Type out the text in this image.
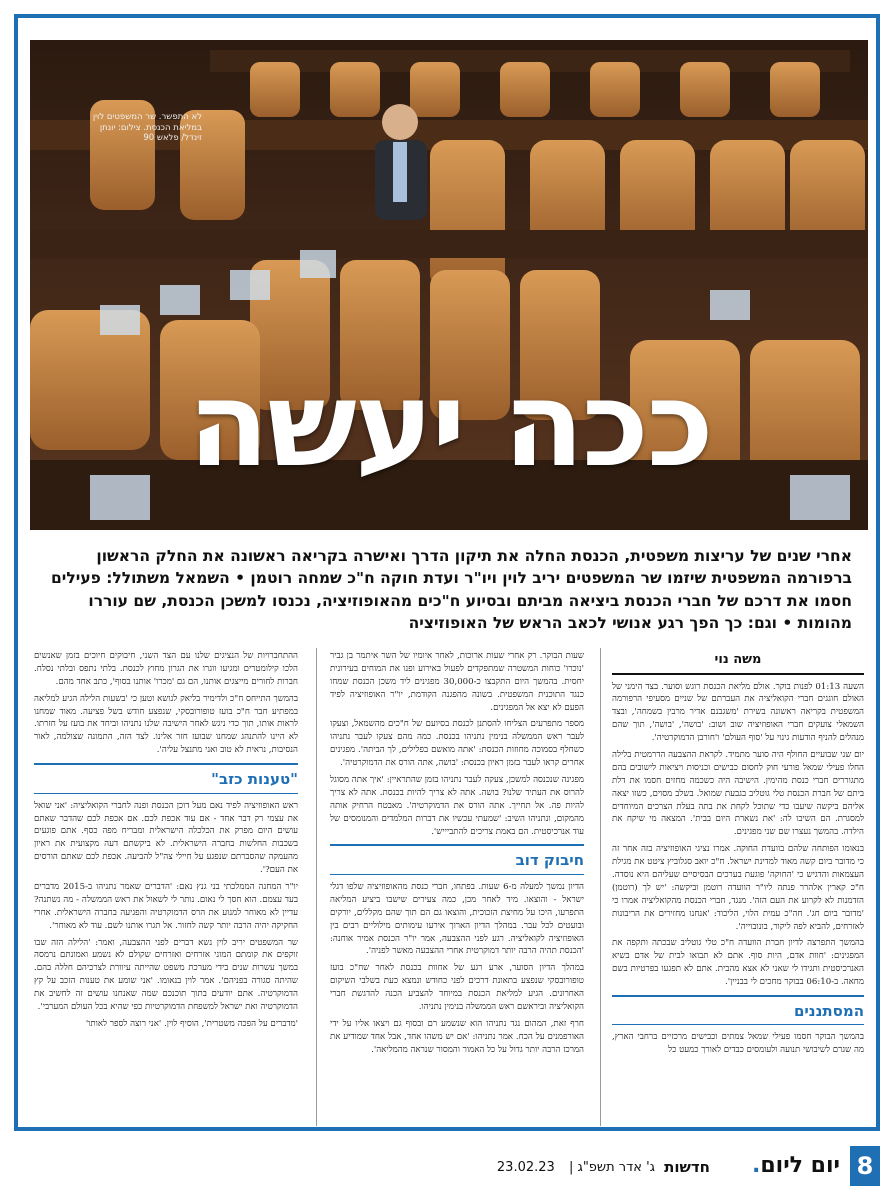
לא התפשר. שר המשפטים לוין במליאת הכנסת. צילום: יונתן זינדל/ פלאש 90
ככה יעשה
אחרי שנים של עריצות משפטית, הכנסת החלה את תיקון הדרך ואישרה בקריאה ראשונה את החלק הראשון ברפורמה המשפטית שיזמו שר המשפטים יריב לוין ויו"ר ועדת חוקה ח"כ שמחה רוטמן • השמאל משתולל: פעילים חסמו את דרכם של חברי הכנסת ביציאה מביתם ובסיוע ח"כים מהאופוזיציה, נכנסו למשכן הכנסת, שם עוררו מהומות • וגם: כך הפך רגע אנושי לכאב הראש של האופוזיציה
משה נוי

השעה 01:13 לפנות בוקר. אולם מליאת הכנסת רוגש וסוער. בצד הימני של האולם חוגגים חברי הקואליציה את העברתם של שניים מסעיפי הרפורמה המשפטית בקריאה ראשונה בשירת 'משגבנם אדיר מרבין בשמחה', ובצד השמאלי צועקים חברי האופוזיציה שוב ושוב: 'בושה', 'בושה', תוך שהם מנהלים להניף הודעות גינוי על 'סוף העולם' ו'חורבן הדמוקרטיה'.

יום שני שבועיים החולף היה סוער מתמיד. לקראת ההצבעה הדרמטית בלילה החלו פעילי שמאל פורעי חוק לחסום כבישים וכניסות ויציאות לישובים בהם מתגוררים חברי כנסת מהימין. הישיבה היה כשכמה מחזים חסמו את דלת ביתם של חברת הכנסת טלי גוטליב בגבעת שמואל. בשלב מסוים, כשזו יצאה אליהם ביקשה שיעבו כדי שתוכל לקחת את בתה בעלת הצרכים המיוחדים למסגרת. הם השיבו לה: 'את נשארת היום בבית'. המצאה מי שיקח את הילדה. בהמשך נעצרו שם שני מפגינים.

בנאומו הפותחה שלהם בוועדת החוקה. אמרו נציגי האופוזיציה בזה אחר זה כי מדובר ביום קשה מאוד למדינת ישראל. ח"כ יואב סגלוביץ ציטט את מגילת העצמאות והדגיש כי 'החוקה' פוגעת בערכים הבסיסיים שעליהם היא נוסדה. ח"כ קארין אלהרר פנתה ליו"ר הוועדה רוטמן וביקשה: 'יש לך (רוטמן) הזדמנות לא לקרוע את העם הזה'. מנגד, חברי הכנסת מהקואליציה אמרו כי 'מדובר ביום חג'. חה"כ עמית הלוי, הליכוד: 'אנחנו מחזירים את הריבונות לאזרחים, להביא לפה ליקור, בונובוייה'.

בהמשך התפרצה לדיון חברת הוועדה ח"כ טלי גוטליב שבכתה ותקפה את המפגינים: 'חוות אדם, היות סוף. אתם לא תבואו לבית של אדם בשיא האנרכיסטית ותגידו לי שאני לא אצא מהבית. אתם לא תפגעו בפרטיות בשם מחאה. ב-06:10 בבוקר מחכים לי בבניין'.

המסתננים

בהמשך הבוקר חסמו פעילי שמאל צמתים וכבישים מרכזיים ברחבי הארץ, מה שגרם לשיבושי תנועה ולעומסים כבדים לאורך כמעט כל

שעות הבוקר. רק אחרי שעות ארוכות, לאחר איומיו של השר איתמר בן גביר 'נוכרו' כוחות המשטרה שמתפקדים לפעול באירוע ופנו את המוחים בעירונית יחסית. בהמשך היום התקבצו כ-30,000 מפגינים ליד משכן הכנסת שמחו כנגד התוכנית המשפטית. בשונה מהפגנה הקודמת, יו"ר האופוזיציה לפיד הפעם לא יצא אל המפגינים.

מספר מתפרעים הצליחו להסתנן לכנסת בסיועם של ח"כים מהשמאל, וצעקו לעבר ראש הממשלה בנימין נתניהו בכנסת. כמה מהם צעקו לעבר נתניהו כשחלף בסמוכה מחוזות הכנסת: 'אתה מואשם בפלילים, לך הביתה'. מפגינים אחרים קראו לעבר בזמן ראיון בכנסת: 'בושה, אתה הורס את הדמוקרטיה'.

מפגינה שנכנסה למשכן, צעקה לעבר נתניהו בזמן שהתראיין: 'איך אתה מסוגל להרוס את העתיד שלנו? בושה. אתה לא צריך להיות בכנסת. אתה לא צריך להיות פה. אל תחייך. אתה הורס את הדמוקרטיה'. מאבטח הרחיק אותה מהמקום, ונתניהו השיב: 'שמעתי עכשיו את דברות המלמדים והמנומסים של עוד אנרכיסטית. הם באמת צריכים להתביייש'.

חיבוק דוב

הדיון נמשך למעלה מ-6 שעות. בפתחו, חברי כנסת מהאופוזיציה שלפו דגלי ישראל - והוצאו. מיד לאחר מכן, כמה צעירים שישבו ביציע המליאה התפרעו, היכו על מחיצת הזכוכית, והוצאו גם הם תוך שהם מקללים, יורקים ובועטים לכל עבר. במהלך הדיון הארוך אירעו עימותים מילוליים רבים בין האופוזיציה לקואליציה. רגע לפני ההצבעה, אמר יו"ר הכנסת אמיר אוחנה: 'הכנסת תהיה הרבה יותר דמוקרטית אחרי ההצבעה מאשר לפניה'.

במהלך הדיון הסוער, ארע רגע של אחוות בכנסת לאחר שח"כ בועז טופורובסקי שנפצע בתאונת דרכים לפני כחודש ונמצא כעת בשלבי השיקום האחרונים. הגיע למליאת הכנסת במיוחד להצביע הכנה להדגשת חברי הקואליציה וביראשם ראש הממשלה בנימין נתניהו.

חרף זאת, המהום נגד נתניהו הוא שנשמע רם ובסוף גם ויצאו אליו על ידי האורפמנים על הכח. אמר נתניהו: 'אם יש משהו אחד, אבל אחד שמודיע את המרכז הרבה יותר גדול על כל האמור והמסור שנראה מהמליאה'.

ההתחברויות של הנציגים שלנו עם הצד השני, חיבוקים חיוכים בזמן שאנשים הלכו קילומטרים ומגיעו ווגרו את הגרון מחוץ לכנסת. בלתי נתפס ובלתי נסלח. חברות לחורים מייצגים אותנו, הם גם 'מכרו' אותנו בסוף', כתב אחד מהם.

בהמשך התייחס ח"כ ולדימיר בליאק לנושא וטען כי 'בשעות הלילה הגיע למליאה במפתיע חבר ח"כ בועז טופורובסקי, שנפצע חודש בשל פציעה. מאוד שמחנו לראות אותו, תוך כדי ניגש לאחר הישיבה שלנו נתניהו וביחד את בועז על חזרתו. לא היינו להתנהג שמחנו שבועז חזר אלינו. לצד הזה, התמונה שצולמה, לאור הנסיבות, נראית לא טוב ואני מתנצל עליה'.

"טענות כזב"

ראש האופוזיציה לפיד נאם מעל דוכן הכנסת ופנה לחברי הקואליציה: 'אני שואל את עצמי רק דבר אחד - אם עוד אכפת לכם. אם אכפת לכם שהדבר שאתם עושים היום מפרק את הכלכלה הישראלית ומבריח מפה כסף. אתם פוגעים בשכבות החלשות בחברה הישראלית. לא ביקשתם דעה מקצועית את ראיון מהעמקה שהסברתם שנפגע על חיילי צה"ל להביעה. אכפת לכם שאתם הורסים את העם?'.

יו"ר המחנה הממלכתי בני גנץ נאם: 'הדברים שאמר נתניהו ב-2015 מדברים בעד עצמם. הוא חסך לי נאום. נותר לי לשאול את ראש הממשלה - מה נשתנה? עדיין לא מאוחר למנוע את הרס הדמוקרטיה והפגיעה בחברה הישראלית. אחרי החקיקה יהיה הרבה יותר קשה לחזור. אל תגרו אותנו לשם. עוד לא מאוחר'.

שר המשפטים יריב לוין נשא דברים לפני ההצבעה, ואמר: 'הלילה הזה שבו זוקפים את קומתם המוני אזרחים ואזרחים שקולם לא נשמע ואמונתם נרמסה במשך עשרות שנים בידי מערכת משפט שהייתה עיוורת לצרכיהם חללה בהם. שהיתה סגורה בפניהם'. אמר לוין בנאומו. 'אני שומע את טענות הזכב על קץ הדמוקרטיה. אתם יודעים בתוך תוכנכם שמה שאנחנו עושים זה לחשיב את הדמוקרטיה ואת ישראל למשפחת הדמוקרטיות כפי שהיא בכל העולם המערבי'.

'מדברים על הפכה משטרית', הוסיף לוין. 'אני רוצה לספר לאותו'

8
יום ליום.
חדשות
ג' אדר תשפ"ג | 23.02.23
